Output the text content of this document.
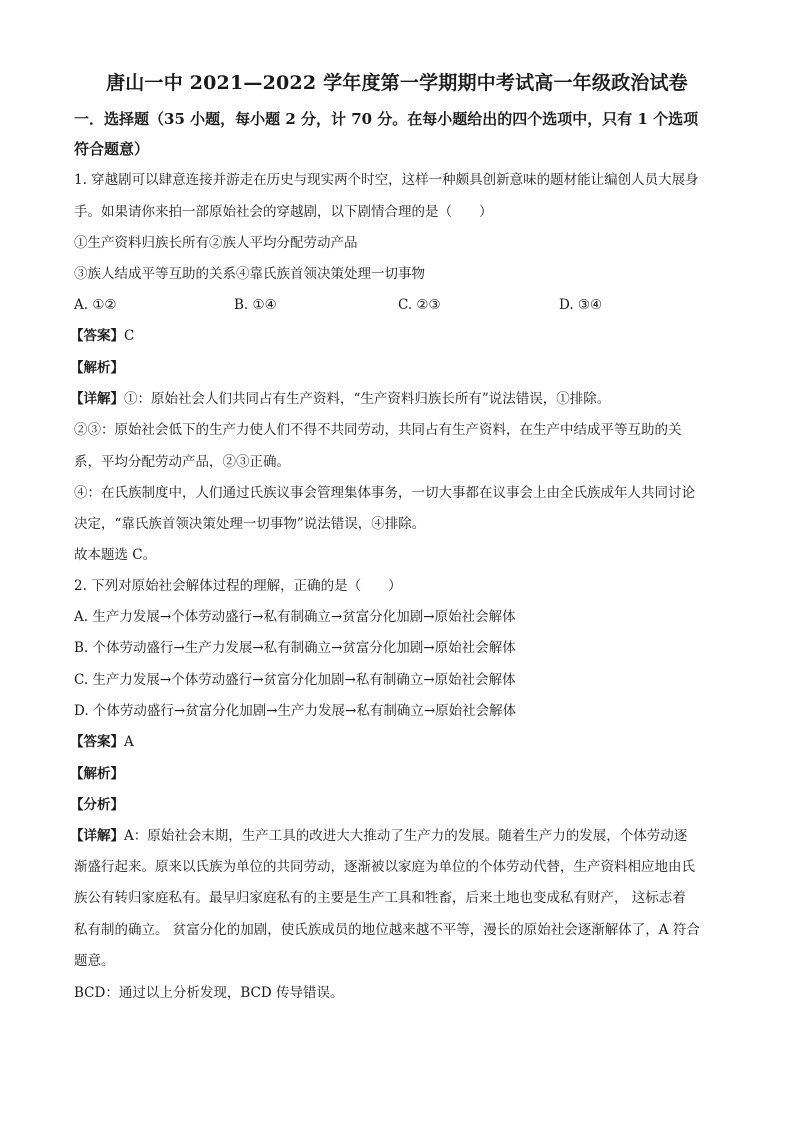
唐山一中 2021—2022 学年度第一学期期中考试高一年级政治试卷
一．选择题（35 小题，每小题 2 分，计 70 分。在每小题给出的四个选项中，只有 1 个选项
符合题意）
1. 穿越剧可以肆意连接并游走在历史与现实两个时空，这样一种颇具创新意味的题材能让编创人员大展身
手。如果请你来拍一部原始社会的穿越剧，以下剧情合理的是（　　）
①生产资料归族长所有②族人平均分配劳动产品
③族人结成平等互助的关系④靠氏族首领决策处理一切事物
A. ①②	B. ①④	C. ②③	D. ③④
【答案】C
【解析】
【详解】①：原始社会人们共同占有生产资料，“生产资料归族长所有”说法错误，①排除。
②③：原始社会低下的生产力使人们不得不共同劳动，共同占有生产资料，在生产中结成平等互助的关
系，平均分配劳动产品，②③正确。
④：在氏族制度中，人们通过氏族议事会管理集体事务，一切大事都在议事会上由全氏族成年人共同讨论
决定，“靠氏族首领决策处理一切事物”说法错误，④排除。
故本题选 C。
2. 下列对原始社会解体过程的理解，正确的是（　　）
A. 生产力发展→个体劳动盛行→私有制确立→贫富分化加剧→原始社会解体
B. 个体劳动盛行→生产力发展→私有制确立→贫富分化加剧→原始社会解体
C. 生产力发展→个体劳动盛行→贫富分化加剧→私有制确立→原始社会解体
D. 个体劳动盛行→贫富分化加剧→生产力发展→私有制确立→原始社会解体
【答案】A
【解析】
【分析】
【详解】A：原始社会末期，生产工具的改进大大推动了生产力的发展。随着生产力的发展，个体劳动逐
渐盛行起来。原来以氏族为单位的共同劳动，逐渐被以家庭为单位的个体劳动代替，生产资料相应地由氏
族公有转归家庭私有。最早归家庭私有的主要是生产工具和牲畜，后来土地也变成私有财产， 这标志着
私有制的确立。 贫富分化的加剧，使氏族成员的地位越来越不平等，漫长的原始社会逐渐解体了，A 符合
题意。
BCD：通过以上分析发现，BCD 传导错误。
